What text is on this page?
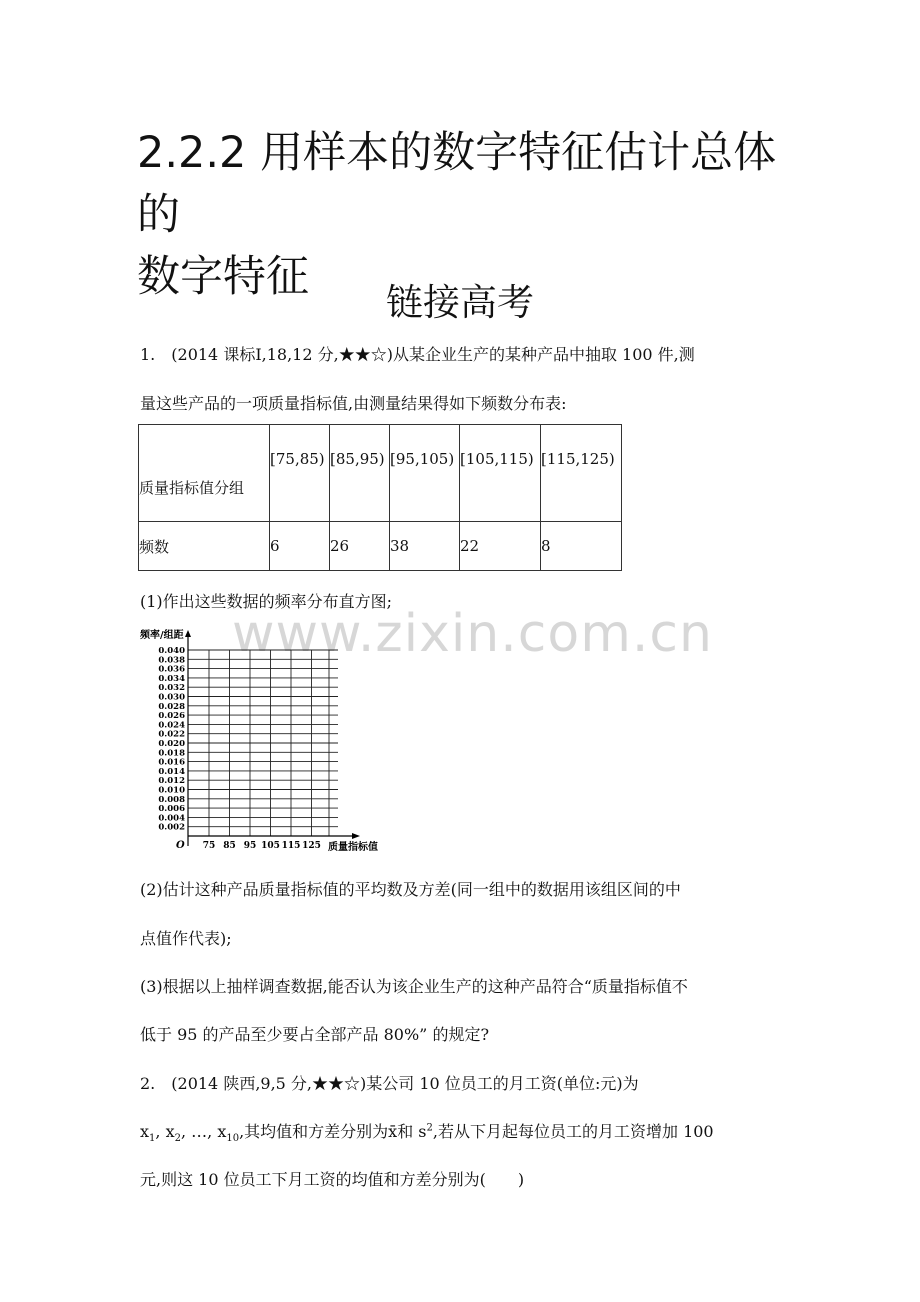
2.2.2 用样本的数字特征估计总体的
数字特征
链接高考
1.　(2014 课标Ⅰ,18,12 分,★★☆)从某企业生产的某种产品中抽取 100 件,测
量这些产品的一项质量指标值,由测量结果得如下频数分布表:
质量指标值分组	[75,85)	[85,95)	[95,105)	[105,115)	[115,125)

频数	6	26	38	22	8
(1)作出这些数据的频率分布直方图;
www.zixin.com.cn
0.040
0.038
0.036
0.034
0.032
0.030
0.028
0.026
0.024
0.022
0.020
0.018
0.016
0.014
0.012
0.010
0.008
0.006
0.004
0.002
75 85 95 105 115 125
频率/组距
质量指标值
O
(2)估计这种产品质量指标值的平均数及方差(同一组中的数据用该组区间的中
点值作代表);
(3)根据以上抽样调查数据,能否认为该企业生产的这种产品符合“质量指标值不
低于 95 的产品至少要占全部产品 80%” 的规定?
2.　(2014 陕西,9,5 分,★★☆)某公司 10 位员工的月工资(单位:元)为
$x_1$, $x_2$, …, $x_{10}$,其均值和方差分别为x̄和 $s^2$,若从下月起每位员工的月工资增加 100
元,则这 10 位员工下月工资的均值和方差分别为(　　)
